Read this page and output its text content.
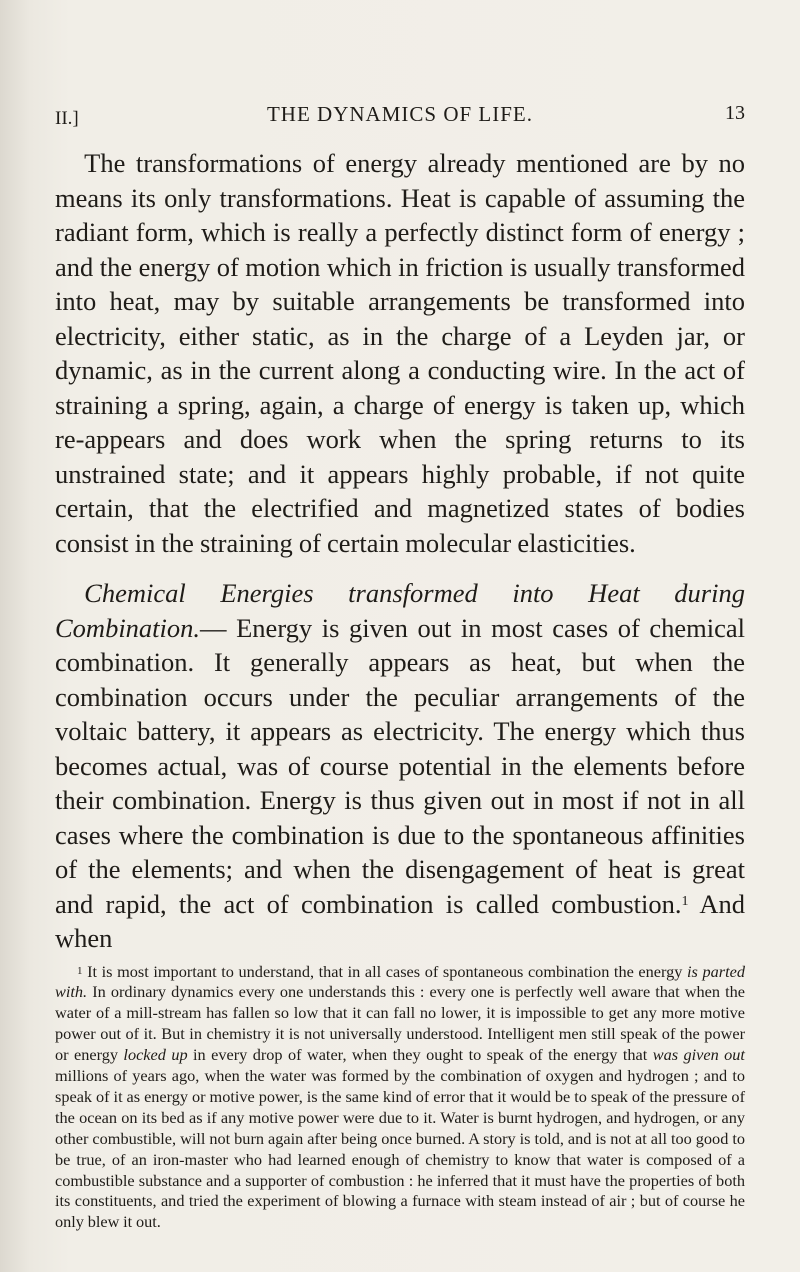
II.]	THE DYNAMICS OF LIFE.	13

The transformations of energy already mentioned are by no means its only transformations. Heat is capable of assuming the radiant form, which is really a perfectly distinct form of energy ; and the energy of motion which in friction is usually transformed into heat, may by suitable arrangements be transformed into electricity, either static, as in the charge of a Leyden jar, or dynamic, as in the current along a conducting wire. In the act of straining a spring, again, a charge of energy is taken up, which re-appears and does work when the spring returns to its unstrained state; and it appears highly probable, if not quite certain, that the electrified and magnetized states of bodies consist in the straining of certain molecular elasticities.

Chemical Energies transformed into Heat during Combination.— Energy is given out in most cases of chemical combination. It generally appears as heat, but when the combination occurs under the peculiar arrangements of the voltaic battery, it appears as electricity. The energy which thus becomes actual, was of course potential in the elements before their combination. Energy is thus given out in most if not in all cases where the combination is due to the spontaneous affinities of the elements; and when the disengagement of heat is great and rapid, the act of combination is called combustion.$^1$ And when

$^1$ It is most important to understand, that in all cases of spontaneous combination the energy is parted with. In ordinary dynamics every one understands this : every one is perfectly well aware that when the water of a mill-stream has fallen so low that it can fall no lower, it is impossible to get any more motive power out of it. But in chemistry it is not universally understood. Intelligent men still speak of the power or energy locked up in every drop of water, when they ought to speak of the energy that was given out millions of years ago, when the water was formed by the combination of oxygen and hydrogen ; and to speak of it as energy or motive power, is the same kind of error that it would be to speak of the pressure of the ocean on its bed as if any motive power were due to it. Water is burnt hydrogen, and hydrogen, or any other combustible, will not burn again after being once burned. A story is told, and is not at all too good to be true, of an iron-master who had learned enough of chemistry to know that water is composed of a combustible substance and a supporter of combustion : he inferred that it must have the properties of both its constituents, and tried the experiment of blowing a furnace with steam instead of air ; but of course he only blew it out.
